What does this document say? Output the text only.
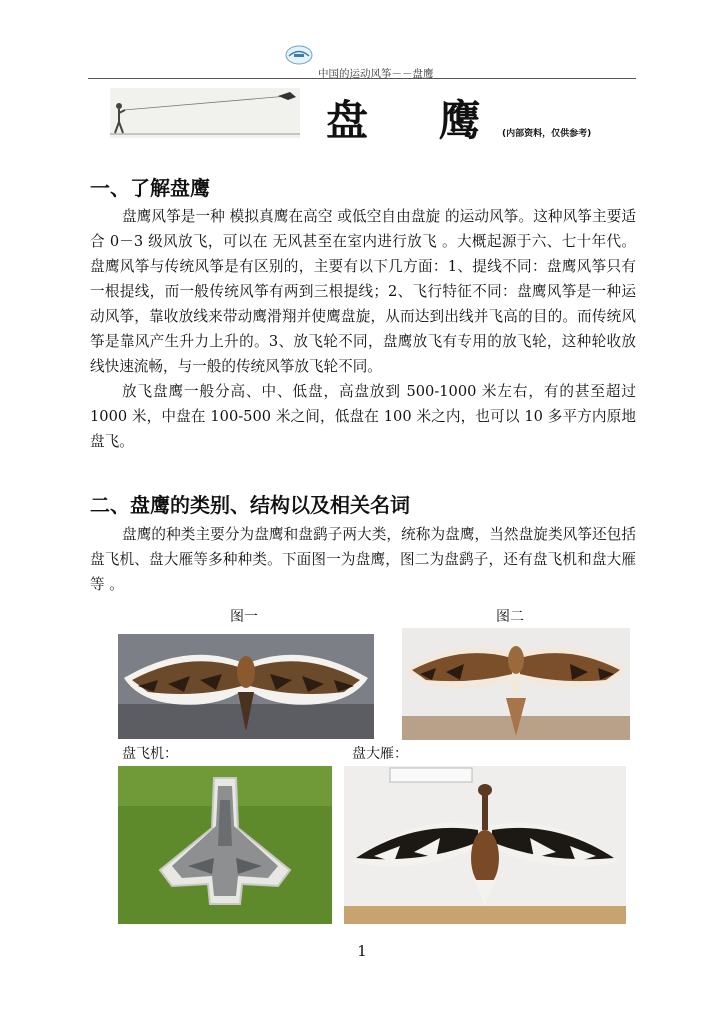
中国的运动风筝－－盘鹰
盘 鹰
(内部资料，仅供参考)
一、了解盘鹰

盘鹰风筝是一种 模拟真鹰在高空 或低空自由盘旋 的运动风筝。这种风筝主要适合 0－3 级风放飞，可以在 无风甚至在室内进行放飞 。大概起源于六、七十年代。 盘鹰风筝与传统风筝是有区别的，主要有以下几方面：1、提线不同：盘鹰风筝只有一根提线，而一般传统风筝有两到三根提线；2、飞行特征不同：盘鹰风筝是一种运动风筝，靠收放线来带动鹰滑翔并使鹰盘旋，从而达到出线并飞高的目的。而传统风筝是靠风产生升力上升的。3、放飞轮不同，盘鹰放飞有专用的放飞轮，这种轮收放线快速流畅，与一般的传统风筝放飞轮不同。

放飞盘鹰一般分高、中、低盘，高盘放到 500-1000 米左右，有的甚至超过 1000 米，中盘在 100-500 米之间，低盘在 100 米之内，也可以 10 多平方内原地盘飞。

二、盘鹰的类别、结构以及相关名词

盘鹰的种类主要分为盘鹰和盘鹞子两大类，统称为盘鹰，当然盘旋类风筝还包括盘飞机、盘大雁等多种种类。下面图一为盘鹰，图二为盘鹞子，还有盘飞机和盘大雁等 。

图一	图二
盘飞机：	盘大雁：
1
